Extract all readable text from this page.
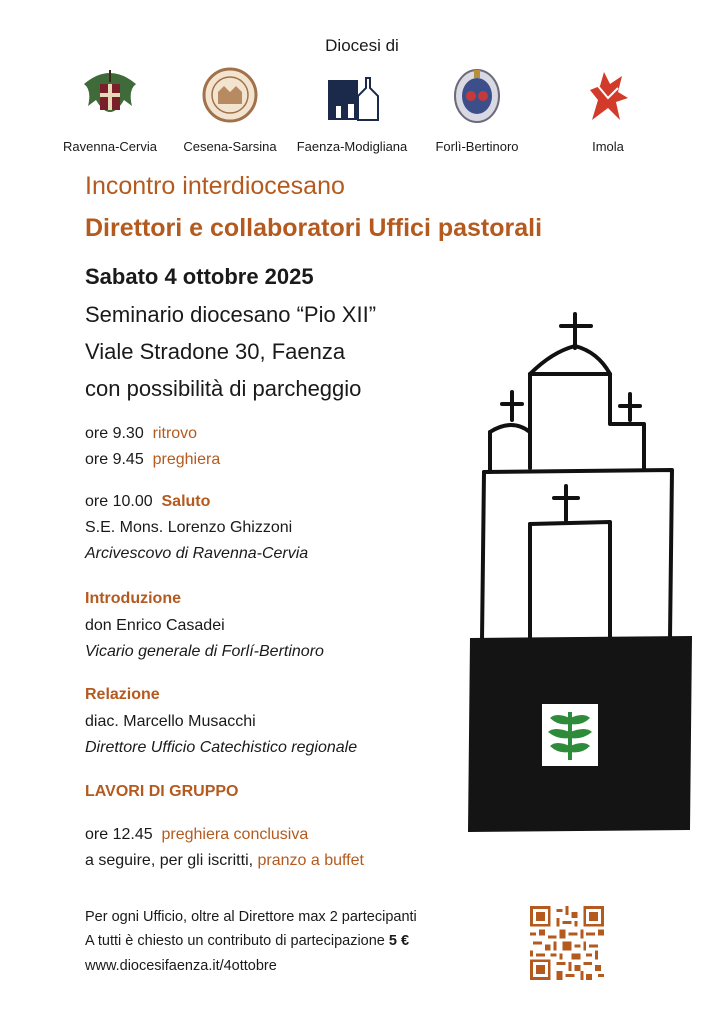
Diocesi di
Ravenna-Cervia	Cesena-Sarsina	Faenza-Modigliana	Forlì-Bertinoro	Imola
Incontro interdiocesano
Direttori e collaboratori Uffici pastorali
Sabato 4 ottobre 2025
Seminario diocesano “Pio XII”
Viale Stradone 30, Faenza
con possibilità di parcheggio
ore 9.30 ritrovo
ore 9.45 preghiera
ore 10.00 Saluto
S.E. Mons. Lorenzo Ghizzoni
Arcivescovo di Ravenna-Cervia
Introduzione
don Enrico Casadei
Vicario generale di Forlí-Bertinoro
Relazione
diac. Marcello Musacchi
Direttore Ufficio Catechistico regionale
LAVORI DI GRUPPO
ore 12.45 preghiera conclusiva
a seguire, per gli iscritti, pranzo a buffet
Per ogni Ufficio, oltre al Direttore max 2 partecipanti
A tutti è chiesto un contributo di partecipazione 5 €
www.diocesifaenza.it/4ottobre
